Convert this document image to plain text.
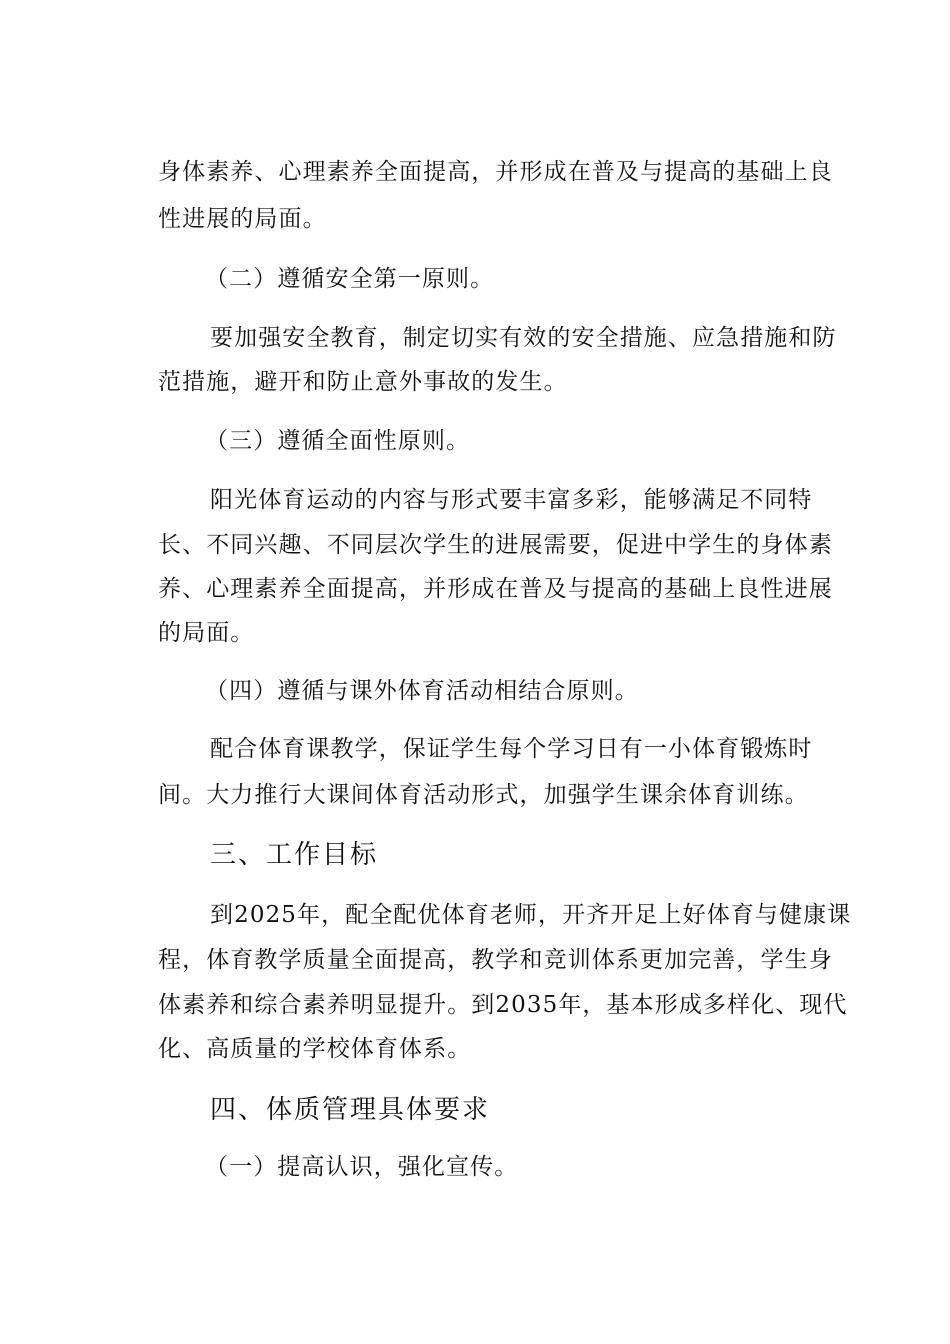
身体素养、心理素养全面提高，并形成在普及与提高的基础上良
性进展的局面。
（二）遵循安全第一原则。
要加强安全教育，制定切实有效的安全措施、应急措施和防
范措施，避开和防止意外事故的发生。
（三）遵循全面性原则。
阳光体育运动的内容与形式要丰富多彩，能够满足不同特
长、不同兴趣、不同层次学生的进展需要，促进中学生的身体素
养、心理素养全面提高，并形成在普及与提高的基础上良性进展
的局面。
（四）遵循与课外体育活动相结合原则。
配合体育课教学，保证学生每个学习日有一小体育锻炼时
间。大力推行大课间体育活动形式，加强学生课余体育训练。
三、工作目标
到2025年，配全配优体育老师，开齐开足上好体育与健康课
程，体育教学质量全面提高，教学和竞训体系更加完善，学生身
体素养和综合素养明显提升。到2035年，基本形成多样化、现代
化、高质量的学校体育体系。
四、体质管理具体要求
（一）提高认识，强化宣传。
